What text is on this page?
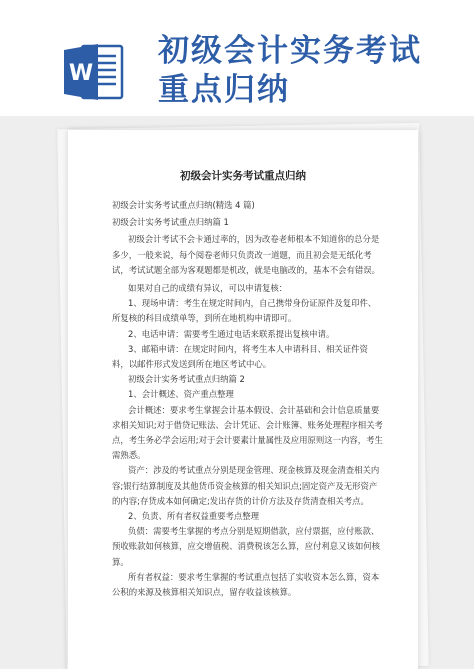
W
初级会计实务考试
重点归纳
初级会计实务考试重点归纳

初级会计实务考试重点归纳(精选 4 篇)

初级会计实务考试重点归纳篇 1

初级会计考试不会卡通过率的，因为改卷老师根本不知道你的总分是多少，一般来说，每个阅卷老师只负责改一道题，而且初会是无纸化考试，考试试题全部为客观题都是机改，就是电脑改的，基本不会有错误。

如果对自己的成绩有异议，可以申请复核：

1、现场申请：考生在规定时间内，自己携带身份证原件及复印件、所复核的科目成绩单等，到所在地机构申请即可。

2、电话申请：需要考生通过电话来联系提出复核申请。

3、邮箱申请：在规定时间内，将考生本人申请科目、相关证件资料，以邮件形式发送到所在地区考试中心。

初级会计实务考试重点归纳篇 2

1、会计概述、资产重点整理

会计概述：要求考生掌握会计基本假设、会计基础和会计信息质量要求相关知识;对于借贷记账法、会计凭证、会计账簿、账务处理程序相关考点，考生务必学会运用;对于会计要素计量属性及应用原则这一内容，考生需熟悉。

资产：涉及的考试重点分别是现金管理、现金核算及现金清查相关内容;银行结算制度及其他货币资金核算的相关知识点;固定资产及无形资产的内容;存货成本如何确定;发出存货的计价方法及存货清查相关考点。

2、负责、所有者权益重要考点整理

负债：需要考生掌握的考点分别是短期借款，应付票据，应付账款、预收账款如何核算，应交增值税、消费税该怎么算，应付利息又该如何核算。

所有者权益：要求考生掌握的考试重点包括了实收资本怎么算，资本公积的来源及核算相关知识点，留存收益该核算。
